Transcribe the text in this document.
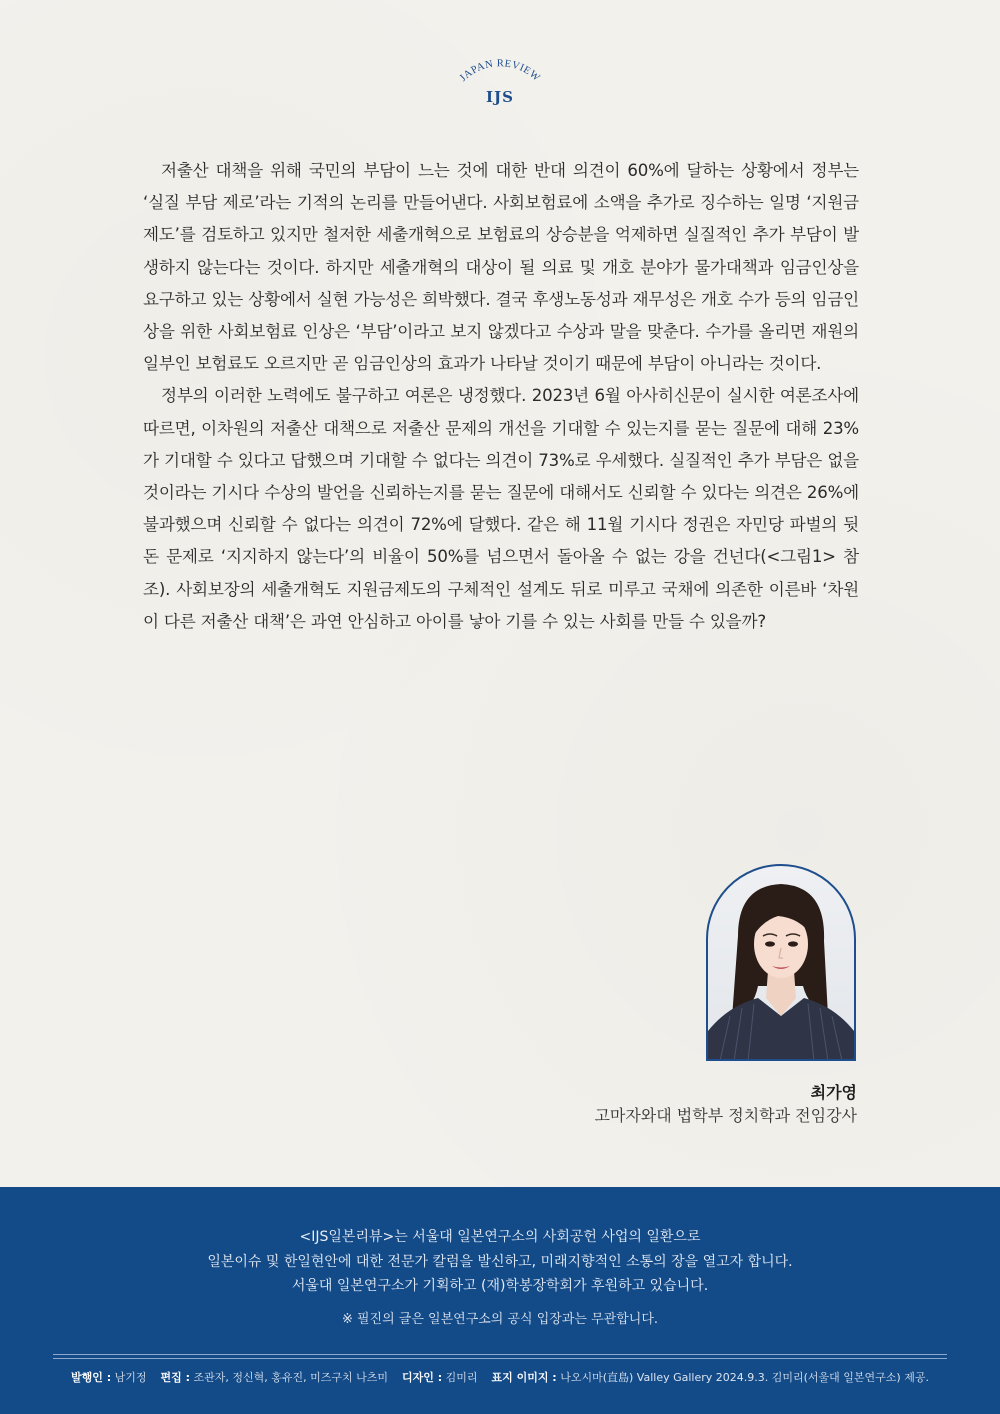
JAPAN REVIEW
IJS

저출산 대책을 위해 국민의 부담이 느는 것에 대한 반대 의견이 60%에 달하는 상황에서 정부는 ‘실질 부담 제로’라는 기적의 논리를 만들어낸다. 사회보험료에 소액을 추가로 징수하는 일명 ‘지원금제도’를 검토하고 있지만 철저한 세출개혁으로 보험료의 상승분을 억제하면 실질적인 추가 부담이 발생하지 않는다는 것이다. 하지만 세출개혁의 대상이 될 의료 및 개호 분야가 물가대책과 임금인상을 요구하고 있는 상황에서 실현 가능성은 희박했다. 결국 후생노동성과 재무성은 개호 수가 등의 임금인상을 위한 사회보험료 인상은 ‘부담’이라고 보지 않겠다고 수상과 말을 맞춘다. 수가를 올리면 재원의 일부인 보험료도 오르지만 곧 임금인상의 효과가 나타날 것이기 때문에 부담이 아니라는 것이다.

정부의 이러한 노력에도 불구하고 여론은 냉정했다. 2023년 6월 아사히신문이 실시한 여론조사에 따르면, 이차원의 저출산 대책으로 저출산 문제의 개선을 기대할 수 있는지를 묻는 질문에 대해 23%가 기대할 수 있다고 답했으며 기대할 수 없다는 의견이 73%로 우세했다. 실질적인 추가 부담은 없을 것이라는 기시다 수상의 발언을 신뢰하는지를 묻는 질문에 대해서도 신뢰할 수 있다는 의견은 26%에 불과했으며 신뢰할 수 없다는 의견이 72%에 달했다. 같은 해 11월 기시다 정권은 자민당 파벌의 뒷돈 문제로 ‘지지하지 않는다’의 비율이 50%를 넘으면서 돌아올 수 없는 강을 건넌다(<그림1> 참조). 사회보장의 세출개혁도 지원금제도의 구체적인 설계도 뒤로 미루고 국채에 의존한 이른바 ‘차원이 다른 저출산 대책’은 과연 안심하고 아이를 낳아 기를 수 있는 사회를 만들 수 있을까?

최가영
고마자와대 법학부 정치학과 전임강사
<IJS일본리뷰>는 서울대 일본연구소의 사회공헌 사업의 일환으로
일본이슈 및 한일현안에 대한 전문가 칼럼을 발신하고, 미래지향적인 소통의 장을 열고자 합니다.
서울대 일본연구소가 기획하고 (재)학봉장학회가 후원하고 있습니다.
※ 필진의 글은 일본연구소의 공식 입장과는 무관합니다.
발행인 : 남기정 편집 : 조관자, 정신혁, 홍유진, 미즈구치 나츠미 디자인 : 김미리 표지 이미지 : 나오시마(直島) Valley Gallery 2024.9.3. 김미리(서울대 일본연구소) 제공.
